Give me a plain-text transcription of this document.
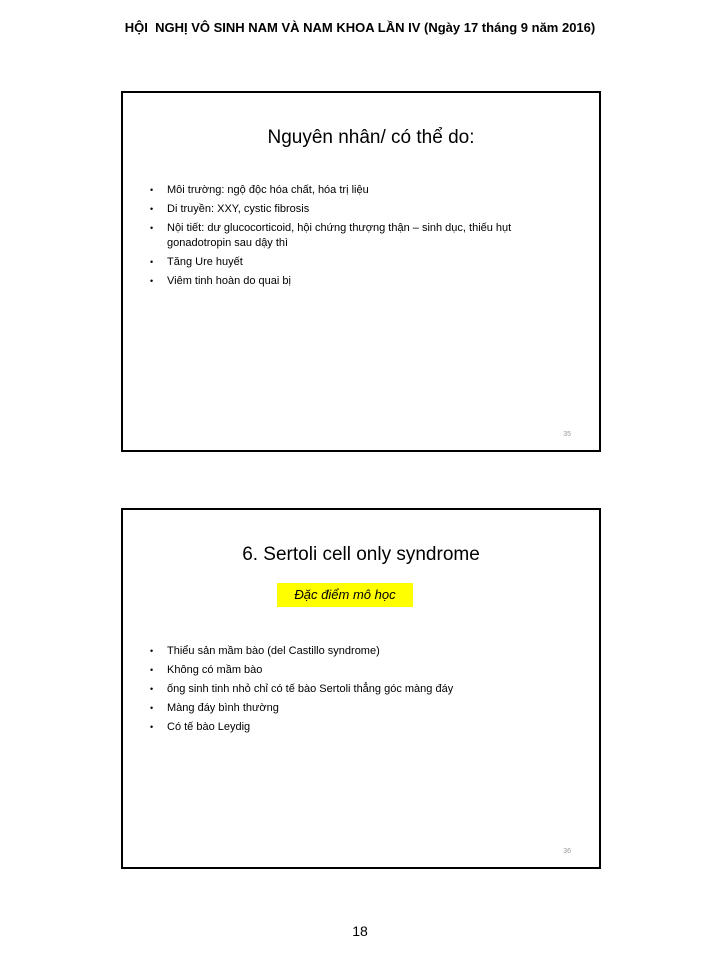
HỘI  NGHỊ VÔ SINH NAM VÀ NAM KHOA LẦN IV (Ngày 17 tháng 9 năm 2016)
Nguyên nhân/ có thể do:
• Môi trường: ngộ độc hóa chất, hóa trị liệu
• Di truyền: XXY, cystic fibrosis
• Nội tiết: dư glucocorticoid, hội chứng thượng thận – sinh dục, thiếu hụt gonadotropin sau dậy thì
• Tăng Ure huyết
• Viêm tinh hoàn do quai bị
35
6. Sertoli cell only syndrome
Đặc điểm mô học
• Thiểu sản mầm bào (del Castillo syndrome)
• Không có mầm bào
• ống sinh tinh nhỏ chỉ có tế bào Sertoli thẳng góc màng đáy
• Màng đáy bình thường
• Có tế bào Leydig
36
18
